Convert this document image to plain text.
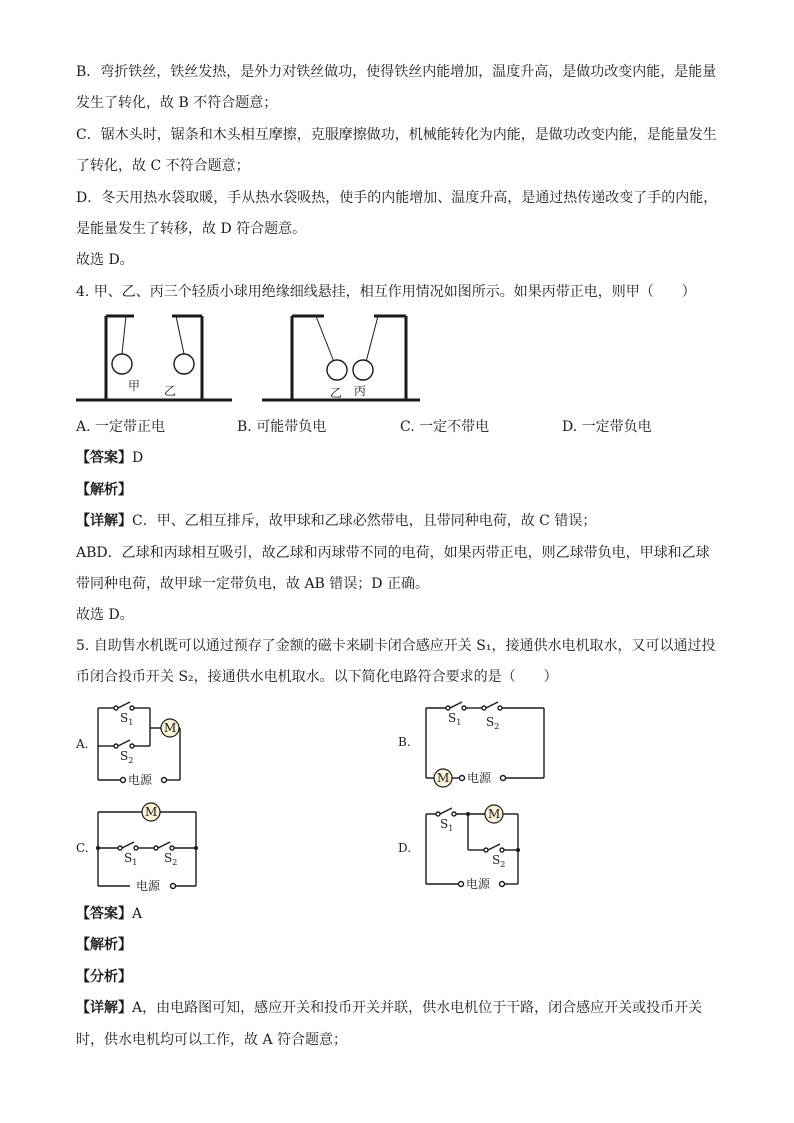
B．弯折铁丝，铁丝发热，是外力对铁丝做功，使得铁丝内能增加，温度升高，是做功改变内能，是能量
发生了转化，故 B 不符合题意；
C．锯木头时，锯条和木头相互摩擦，克服摩擦做功，机械能转化为内能，是做功改变内能，是能量发生
了转化，故 C 不符合题意；
D．冬天用热水袋取暖，手从热水袋吸热，使手的内能增加、温度升高，是通过热传递改变了手的内能，
是能量发生了转移，故 D 符合题意。
故选 D。
4. 甲、乙、丙三个轻质小球用绝缘细线悬挂，相互作用情况如图所示。如果丙带正电，则甲（　　）
甲 乙	乙 丙
A. 一定带正电	B. 可能带负电	C. 一定不带电	D. 一定带负电
【答案】D
【解析】
【详解】C．甲、乙相互排斥，故甲球和乙球必然带电，且带同种电荷，故 C 错误；
ABD．乙球和丙球相互吸引，故乙球和丙球带不同的电荷，如果丙带正电，则乙球带负电，甲球和乙球
带同种电荷，故甲球一定带负电，故 AB 错误；D 正确。
故选 D。
5. 自助售水机既可以通过预存了金额的磁卡来刷卡闭合感应开关 S₁，接通供水电机取水，又可以通过投
币闭合投币开关 S₂，接通供水电机取水。以下简化电路符合要求的是（　　）
A.
电源
M
$S_1$
$S_2$
B.
M 电源
$S_1$ $S_2$
C.
M
电源
$S_1$ $S_2$
D.
M
电源
$S_1$
$S_2$
【答案】A
【解析】
【分析】
【详解】A，由电路图可知，感应开关和投币开关并联，供水电机位于干路，闭合感应开关或投币开关
时，供水电机均可以工作，故 A 符合题意；
